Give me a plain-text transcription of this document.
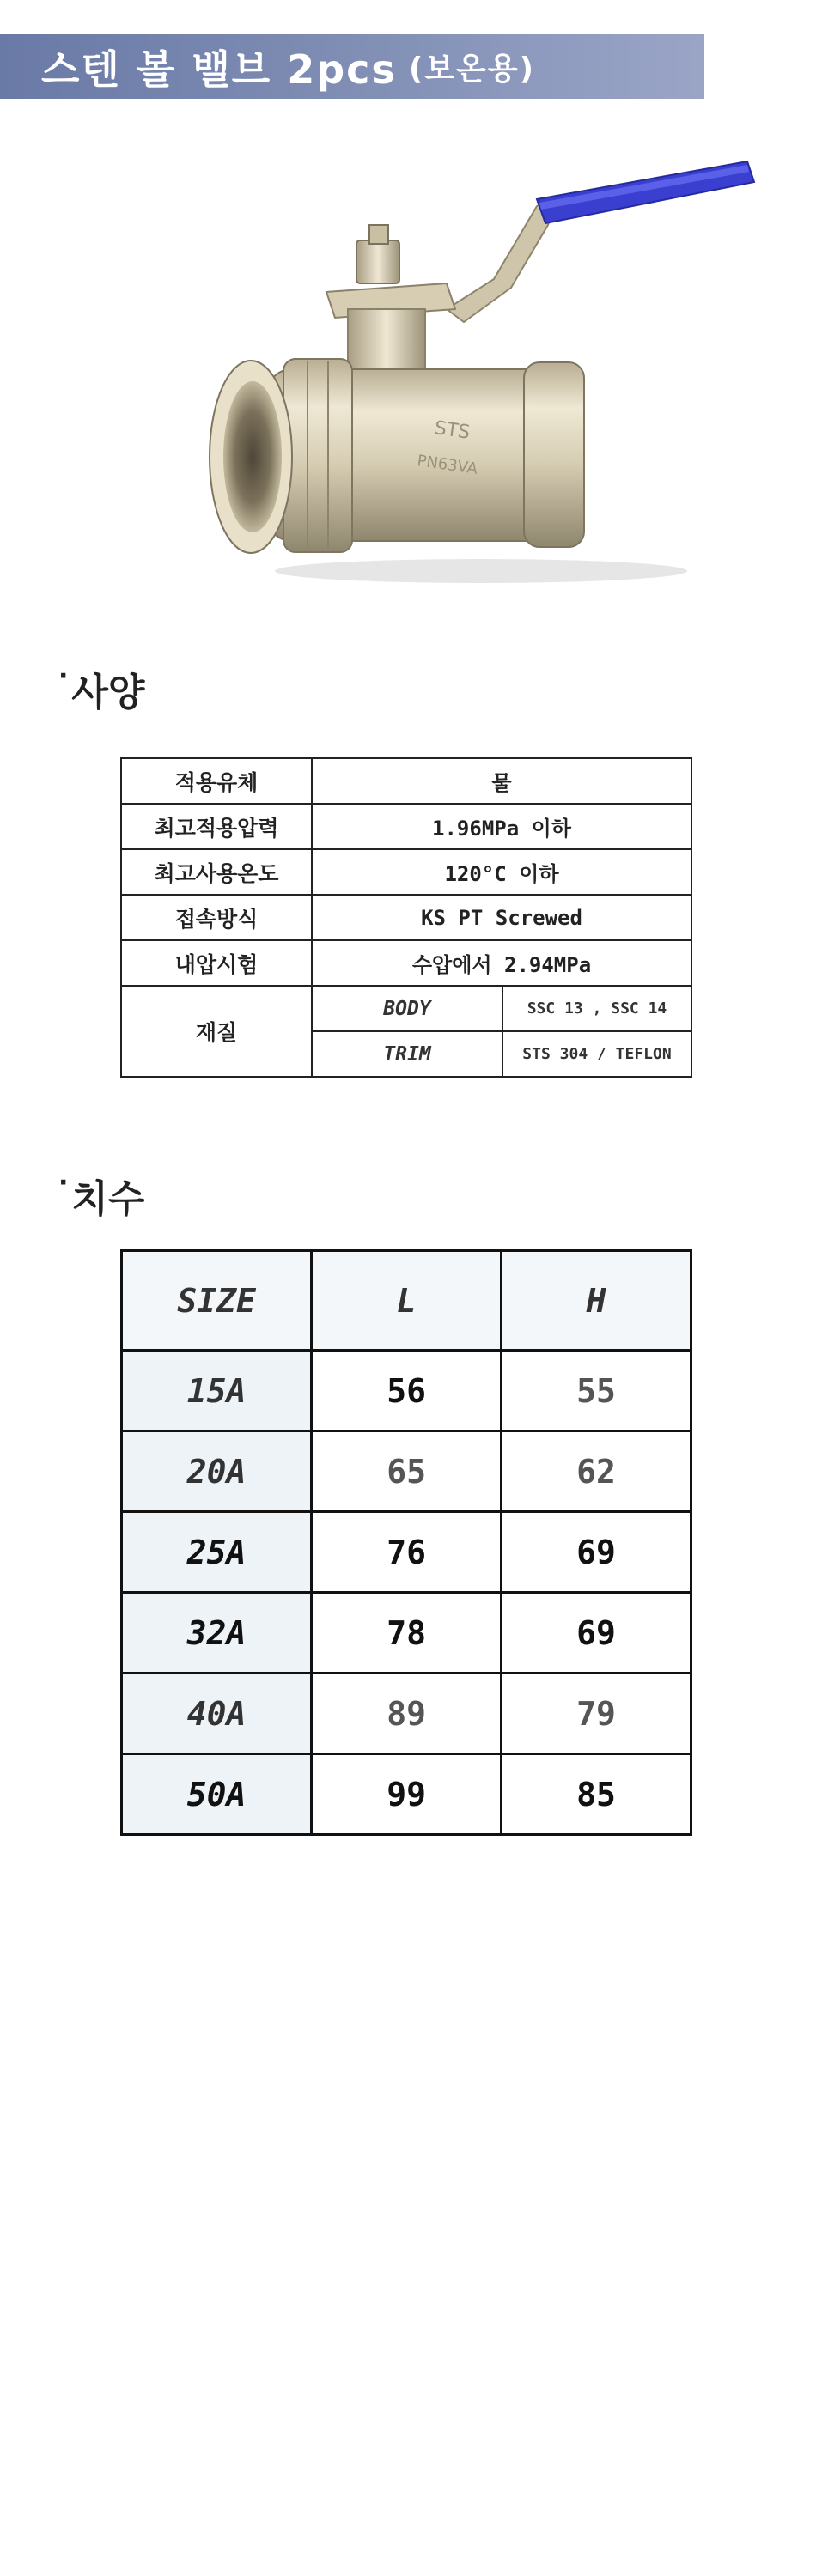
스텐 볼 밸브 2pcs (보온용)
STS
PN63VA
·사양
적용유체	물	
최고적용압력	1.96MPa 이하	
최고사용온도	120°C 이하	
접속방식	KS PT Screwed	
내압시험	수압에서 2.94MPa	
재질	BODY	SSC 13 , SSC 14
	TRIM	STS 304 / TEFLON
·치수
SIZE	L	H
15A	56	55
20A	65	62
25A	76	69
32A	78	69
40A	89	79
50A	99	85
